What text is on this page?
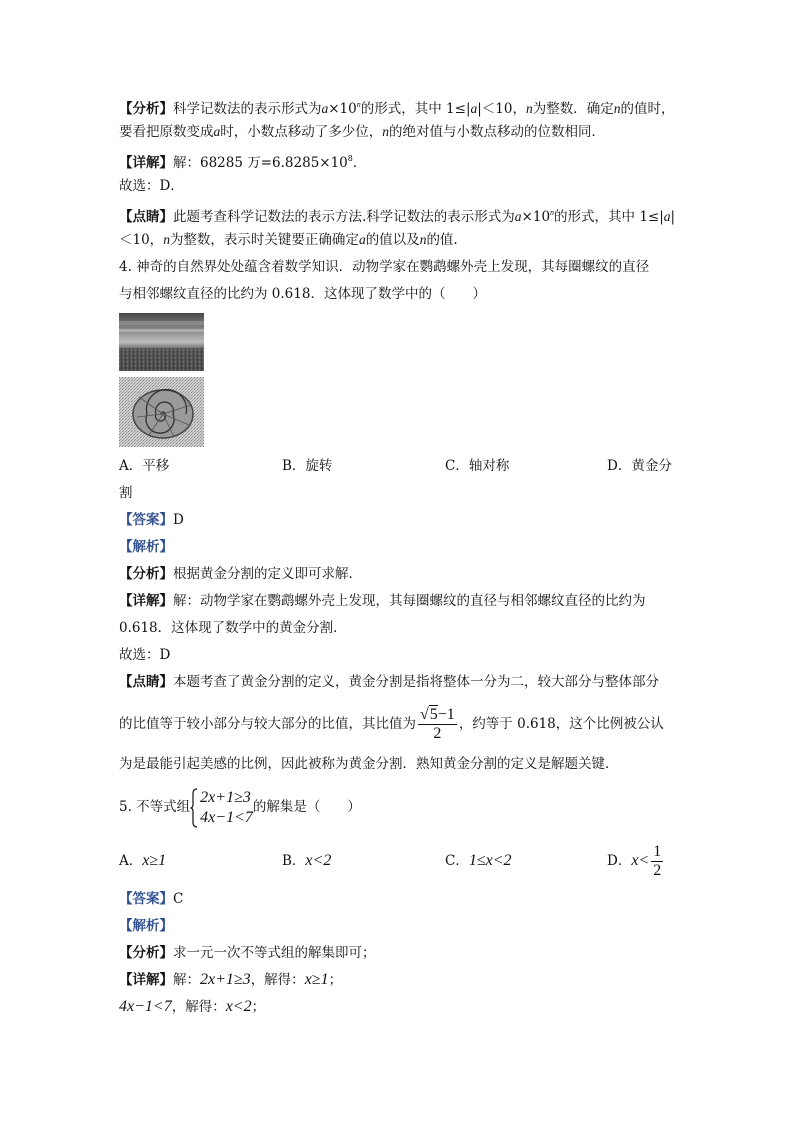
【分析】科学记数法的表示形式为$a\times 10^n$的形式，其中 1≤|a|＜10，n为整数．确定n的值时，
要看把原数变成a时，小数点移动了多少位，n的绝对值与小数点移动的位数相同．
【详解】解：68285 万$=6.8285\times 10^8$．
故选：D．
【点睛】此题考查科学记数法的表示方法.科学记数法的表示形式为$a\times 10^n$的形式，其中 1≤|a|
＜10，n为整数，表示时关键要正确确定a的值以及n的值.
4. 神奇的自然界处处蕴含着数学知识．动物学家在鹦鹉螺外壳上发现，其每圈螺纹的直径
与相邻螺纹直径的比约为 0.618．这体现了数学中的（　　）
A．平移	B．旋转	C．轴对称	D．黄金分
割
【答案】D
【解析】
【分析】根据黄金分割的定义即可求解．
【详解】解：动物学家在鹦鹉螺外壳上发现，其每圈螺纹的直径与相邻螺纹直径的比约为
0.618．这体现了数学中的黄金分割．
故选：D
【点睛】本题考查了黄金分割的定义，黄金分割是指将整体一分为二，较大部分与整体部分
的比值等于较小部分与较大部分的比值，其比值为 $\frac{√5-1}{2}$ ，约等于 0.618，这个比例被公认
为是最能引起美感的比例，因此被称为黄金分割．熟知黄金分割的定义是解题关键．
5. 不等式组
2x+1≥3
4x−1<7
的解集是（　　）
A．x≥1	B．x<2	C．1≤x<2	D．$x< \frac{1}{2}$
【答案】C
【解析】
【分析】求一元一次不等式组的解集即可；
【详解】解：2x+1≥3，解得：x≥1；
4x−1<7，解得：x<2；
